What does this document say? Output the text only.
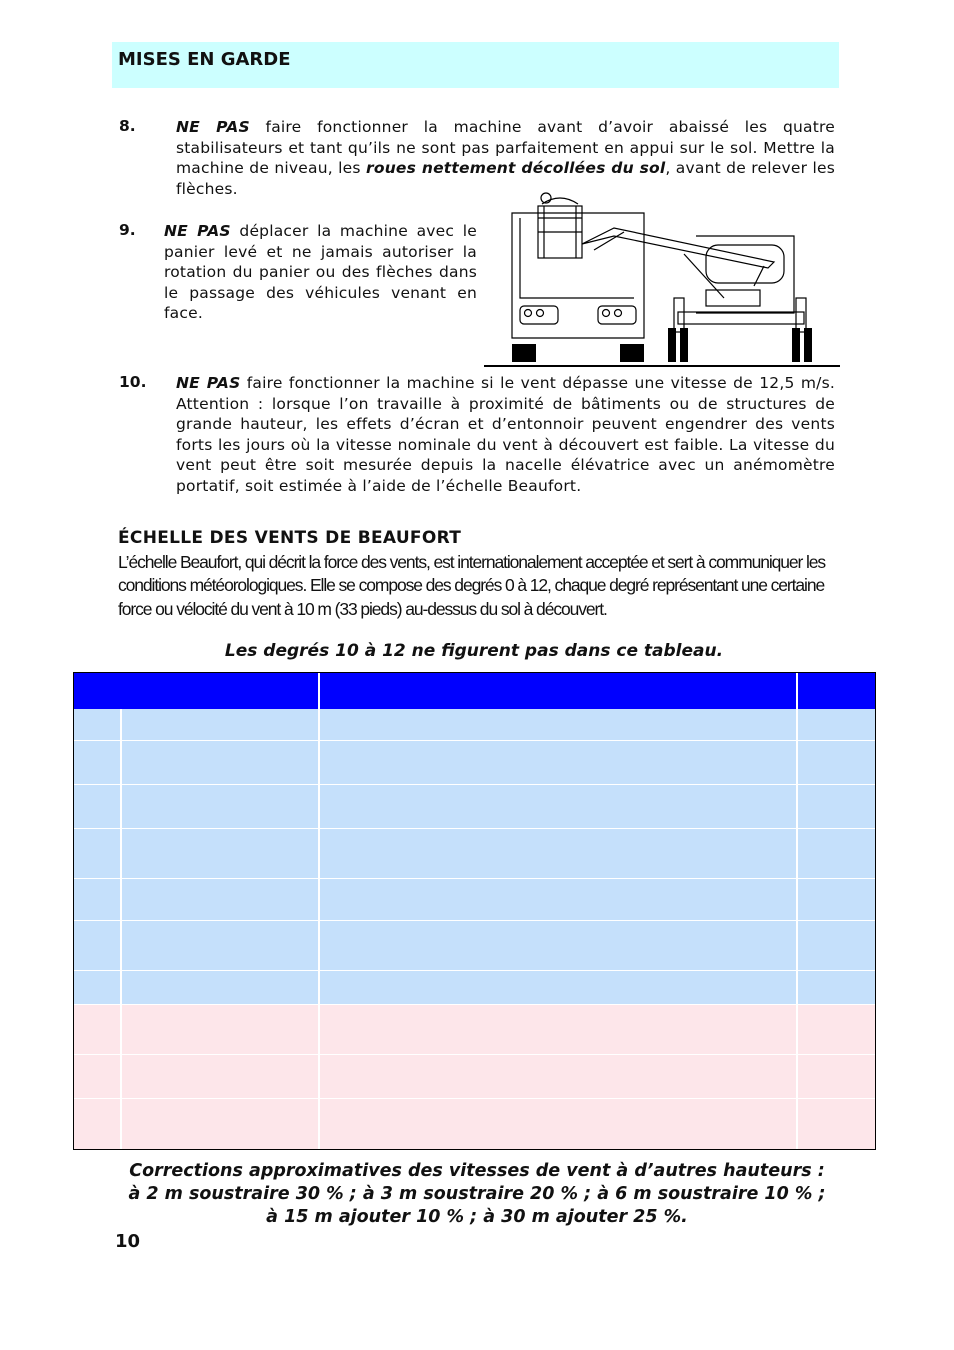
MISES EN GARDE
8.	NE PAS faire fonctionner la machine avant d’avoir abaissé les quatre stabilisateurs et tant qu’ils ne sont pas parfaitement en appui sur le sol. Mettre la machine de niveau, les roues nettement décollées du sol, avant de relever les flèches.
9. NE PAS déplacer la machine avec le panier levé et ne jamais autoriser la rotation du panier ou des flèches dans le passage des véhicules venant en face.
10. NE PAS faire fonctionner la machine si le vent dépasse une vitesse de 12,5 m/s. Attention : lorsque l’on travaille à proximité de bâtiments ou de structures de grande hauteur, les effets d’écran et d’entonnoir peuvent engendrer des vents forts les jours où la vitesse nominale du vent à découvert est faible. La vitesse du vent peut être soit mesurée depuis la nacelle élévatrice avec un anémomètre portatif, soit estimée à l’aide de l’échelle Beaufort.
ÉCHELLE DES VENTS DE BEAUFORT
L’échelle Beaufort, qui décrit la force des vents, est internationalement acceptée et sert à communiquer les conditions météorologiques. Elle se compose des degrés 0 à 12, chaque degré représentant une certaine force ou vélocité du vent à 10 m (33 pieds) au-dessus du sol à découvert.
Les degrés 10 à 12 ne figurent pas dans ce tableau.
Corrections approximatives des vitesses de vent à d’autres hauteurs :
à 2 m soustraire 30 % ; à 3 m soustraire 20 % ; à 6 m soustraire 10 % ;
à 15 m ajouter 10 % ; à 30 m ajouter 25 %.
10
